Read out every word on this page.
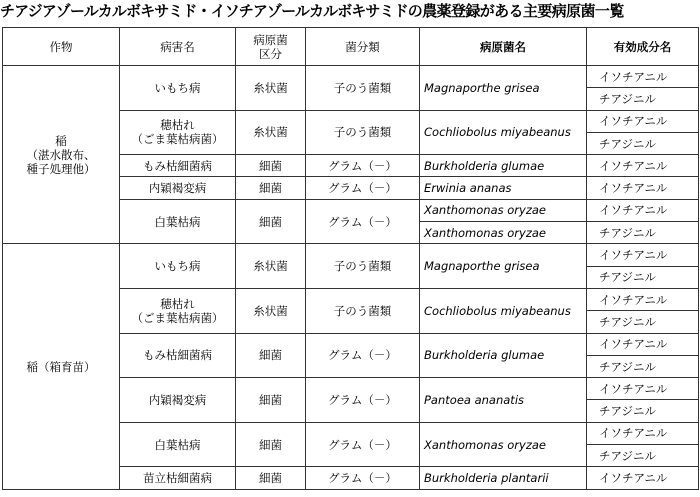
チアジアゾールカルボキサミド・イソチアゾールカルボキサミドの農薬登録がある主要病原菌一覧
作物	病害名	病原菌区分	菌分類	病原菌名	有効成分名
稲
（湛水散布、
種子処理他）	いもち病	糸状菌	子のう菌類	Magnaporthe grisea	イソチアニル
					チアジニル
	穂枯れ
（ごま葉枯病菌）	糸状菌	子のう菌類	Cochliobolus miyabeanus	イソチアニル
					チアジニル
	もみ枯細菌病	細菌	グラム（－）	Burkholderia glumae	イソチアニル
	内穎褐変病	細菌	グラム（－）	Erwinia ananas	イソチアニル
	白葉枯病	細菌	グラム（－）	Xanthomonas oryzae	イソチアニル
				Xanthomonas oryzae	チアジニル
稲（箱育苗）	いもち病	糸状菌	子のう菌類	Magnaporthe grisea	イソチアニル
					チアジニル
	穂枯れ
（ごま葉枯病菌）	糸状菌	子のう菌類	Cochliobolus miyabeanus	イソチアニル
					チアジニル
	もみ枯細菌病	細菌	グラム（－）	Burkholderia glumae	イソチアニル
					チアジニル
	内穎褐変病	細菌	グラム（－）	Pantoea ananatis	イソチアニル
					チアジニル
	白葉枯病	細菌	グラム（－）	Xanthomonas oryzae	イソチアニル
					チアジニル
	苗立枯細菌病	細菌	グラム（－）	Burkholderia plantarii	イソチアニル
